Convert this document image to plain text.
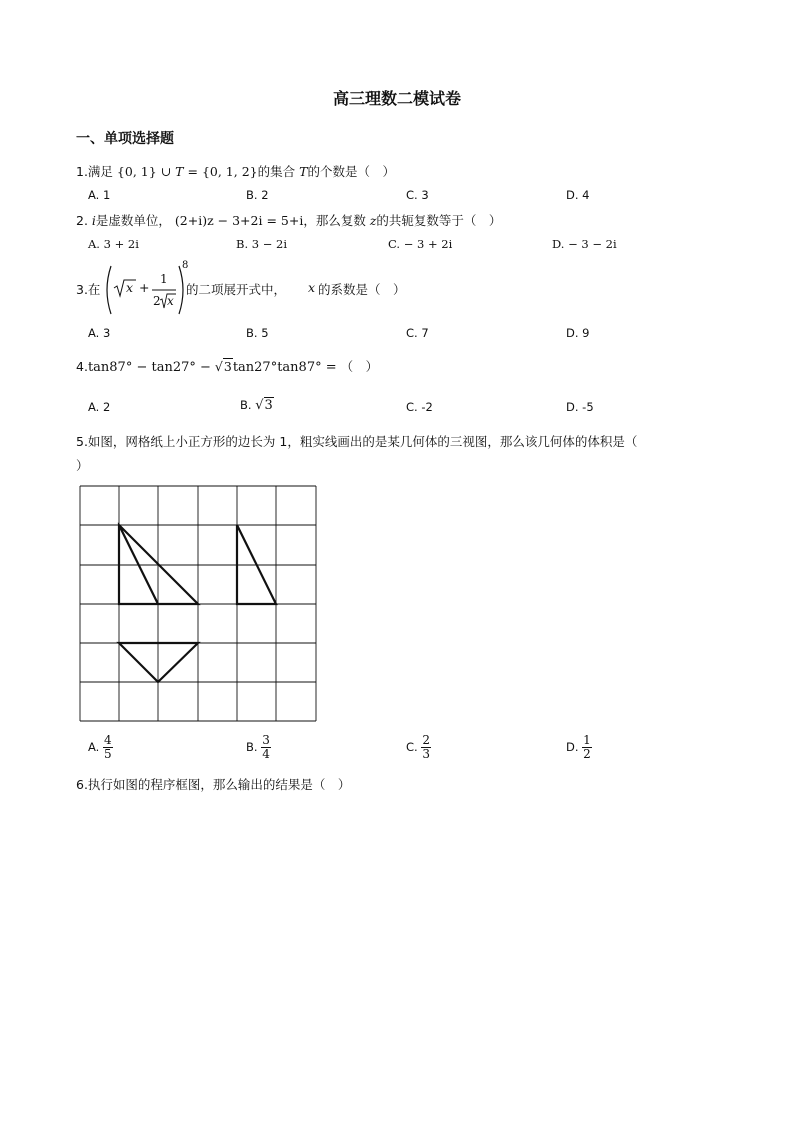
高三理数二模试卷
一、单项选择题
1.满足 {0, 1} ∪ T = {0, 1, 2}的集合 T的个数是（　）
A. 1	B. 2	C. 3	D. 4
2. i是虚数单位， (2+i)z − 3+2i = 5+i，那么复数 z的共轭复数等于（　）
A. 3 + 2i	B. 3 − 2i	C. − 3 + 2i	D. − 3 − 2i
3.在 x +
1
2 x
8
的二项展开式中， x 的系数是（　）
A. 3	B. 5	C. 7	D. 9
4.tan87° − tan27° − √3tan27°tan87° = （　）
A. 2	B. √3	C. -2	D. -5
5.如图，网格纸上小正方形的边长为 1，粗实线画出的是某几何体的三视图，那么该几何体的体积是（
）
A. $\frac{4}{5}$	B. $\frac{3}{4}$	C. $\frac{2}{3}$	D. $\frac{1}{2}$
6.执行如图的程序框图，那么输出的结果是（　）
